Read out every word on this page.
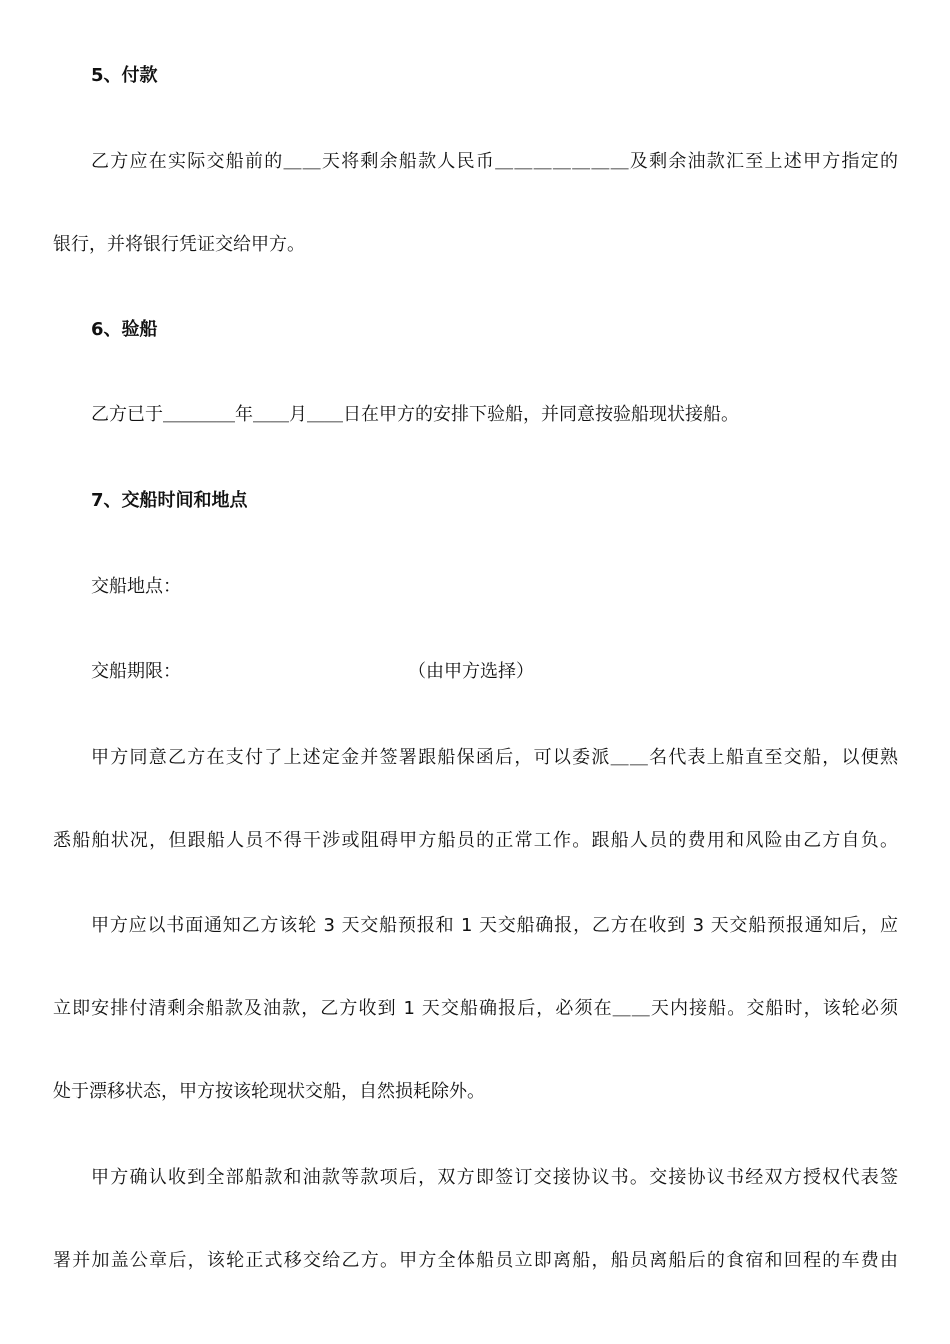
5、付款
乙方应在实际交船前的＿＿天将剩余船款人民币＿＿＿＿＿＿＿及剩余油款汇至上述甲方指定的
银行，并将银行凭证交给甲方。
6、验船
乙方已于＿＿＿＿年＿＿月＿＿日在甲方的安排下验船，并同意按验船现状接船。
7、交船时间和地点
交船地点：
交船期限：	（由甲方选择）
甲方同意乙方在支付了上述定金并签署跟船保函后，可以委派＿＿名代表上船直至交船，以便熟
悉船舶状况，但跟船人员不得干涉或阻碍甲方船员的正常工作。跟船人员的费用和风险由乙方自负。
甲方应以书面通知乙方该轮 3 天交船预报和 1 天交船确报，乙方在收到 3 天交船预报通知后，应
立即安排付清剩余船款及油款，乙方收到 1 天交船确报后，必须在＿＿天内接船。交船时，该轮必须
处于漂移状态，甲方按该轮现状交船，自然损耗除外。
甲方确认收到全部船款和油款等款项后，双方即签订交接协议书。交接协议书经双方授权代表签
署并加盖公章后，该轮正式移交给乙方。甲方全体船员立即离船，船员离船后的食宿和回程的车费由
